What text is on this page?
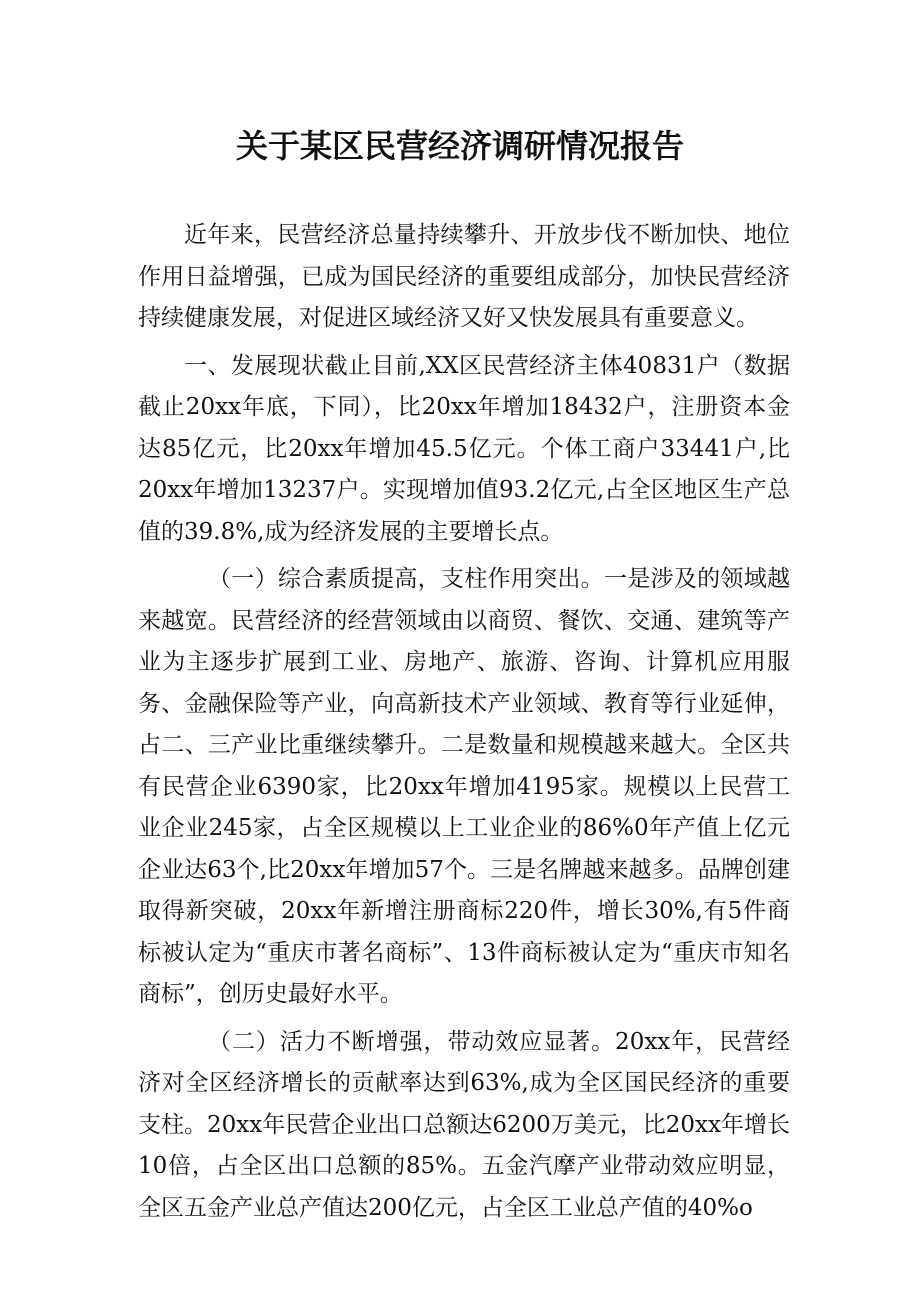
关于某区民营经济调研情况报告

近年来，民营经济总量持续攀升、开放步伐不断加快、地位作用日益增强，已成为国民经济的重要组成部分，加快民营经济持续健康发展，对促进区域经济又好又快发展具有重要意义。

一、发展现状截止目前,XX区民营经济主体40831户（数据截止20xx年底，下同），比20xx年增加18432户，注册资本金达85亿元，比20xx年增加45.5亿元。个体工商户33441户,比20xx年增加13237户。实现增加值93.2亿元,占全区地区生产总值的39.8%,成为经济发展的主要增长点。

（一）综合素质提高，支柱作用突出。一是涉及的领域越来越宽。民营经济的经营领域由以商贸、餐饮、交通、建筑等产业为主逐步扩展到工业、房地产、旅游、咨询、计算机应用服务、金融保险等产业，向高新技术产业领域、教育等行业延伸，占二、三产业比重继续攀升。二是数量和规模越来越大。全区共有民营企业6390家，比20xx年增加4195家。规模以上民营工业企业245家，占全区规模以上工业企业的86%0年产值上亿元企业达63个,比20xx年增加57个。三是名牌越来越多。品牌创建取得新突破，20xx年新增注册商标220件，增长30%,有5件商标被认定为“重庆市著名商标”、13件商标被认定为“重庆市知名商标”，创历史最好水平。

（二）活力不断增强，带动效应显著。20xx年，民营经济对全区经济增长的贡献率达到63%,成为全区国民经济的重要支柱。20xx年民营企业出口总额达6200万美元，比20xx年增长10倍，占全区出口总额的85%。五金汽摩产业带动效应明显，全区五金产业总产值达200亿元，占全区工业总产值的40%o
